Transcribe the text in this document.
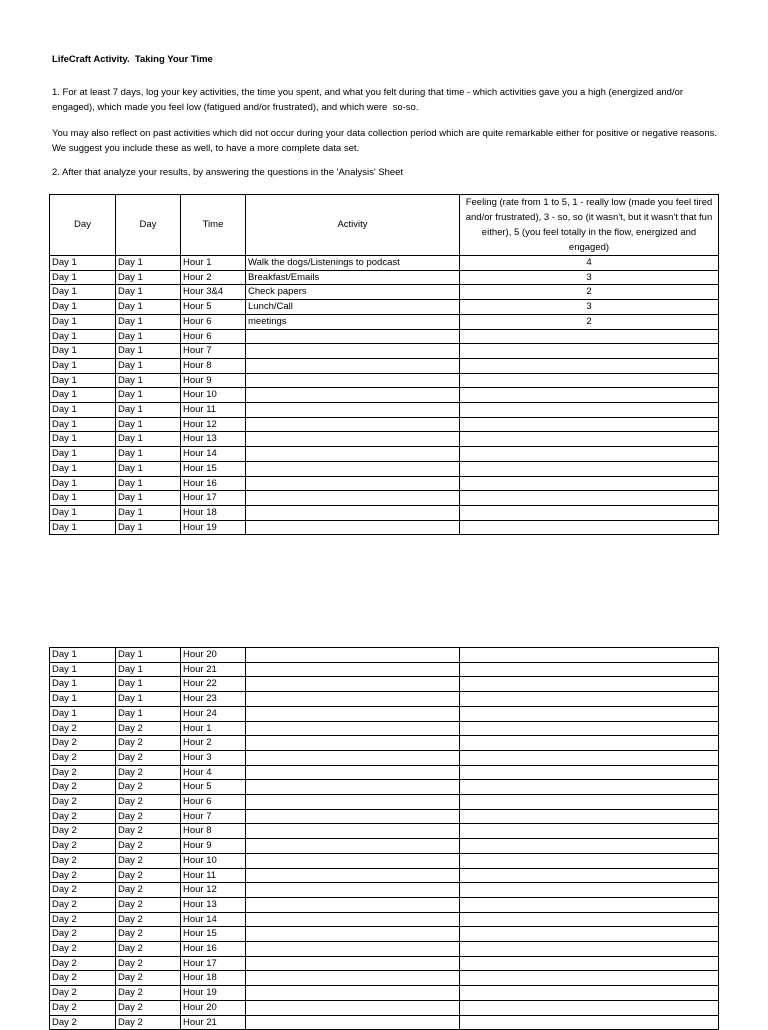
LifeCraft Activity.  Taking Your Time
1. For at least 7 days, log your key activities, the time you spent, and what you felt during that time - which activities gave you a high (energized and/or engaged), which made you feel low (fatigued and/or frustrated), and which were  so-so.
You may also reflect on past activities which did not occur during your data collection period which are quite remarkable either for positive or negative reasons.  We suggest you include these as well, to have a more complete data set.
2. After that analyze your results, by answering the questions in the 'Analysis' Sheet
Day	Day	Time	Activity	Feeling (rate from 1 to 5, 1 - really low (made you feel tired and/or frustrated), 3 - so, so (it wasn't, but it wasn't that fun either), 5 (you feel totally in the flow, energized and engaged)
Day 1	Day 1	Hour 1	Walk the dogs/Listenings to podcast	4
Day 1	Day 1	Hour 2	Breakfast/Emails	3
Day 1	Day 1	Hour 3&4	Check papers	2
Day 1	Day 1	Hour 5	Lunch/Call	3
Day 1	Day 1	Hour 6	meetings	2
Day 1	Day 1	Hour 6		
Day 1	Day 1	Hour 7		
Day 1	Day 1	Hour 8		
Day 1	Day 1	Hour 9		
Day 1	Day 1	Hour 10		
Day 1	Day 1	Hour 11		
Day 1	Day 1	Hour 12		
Day 1	Day 1	Hour 13		
Day 1	Day 1	Hour 14		
Day 1	Day 1	Hour 15		
Day 1	Day 1	Hour 16		
Day 1	Day 1	Hour 17		
Day 1	Day 1	Hour 18		
Day 1	Day 1	Hour 19		
Day 1	Day 1	Hour 20		
Day 1	Day 1	Hour 21		
Day 1	Day 1	Hour 22		
Day 1	Day 1	Hour 23		
Day 1	Day 1	Hour 24		
Day 2	Day 2	Hour 1		
Day 2	Day 2	Hour 2		
Day 2	Day 2	Hour 3		
Day 2	Day 2	Hour 4		
Day 2	Day 2	Hour 5		
Day 2	Day 2	Hour 6		
Day 2	Day 2	Hour 7		
Day 2	Day 2	Hour 8		
Day 2	Day 2	Hour 9		
Day 2	Day 2	Hour 10		
Day 2	Day 2	Hour 11		
Day 2	Day 2	Hour 12		
Day 2	Day 2	Hour 13		
Day 2	Day 2	Hour 14		
Day 2	Day 2	Hour 15		
Day 2	Day 2	Hour 16		
Day 2	Day 2	Hour 17		
Day 2	Day 2	Hour 18		
Day 2	Day 2	Hour 19		
Day 2	Day 2	Hour 20		
Day 2	Day 2	Hour 21		
